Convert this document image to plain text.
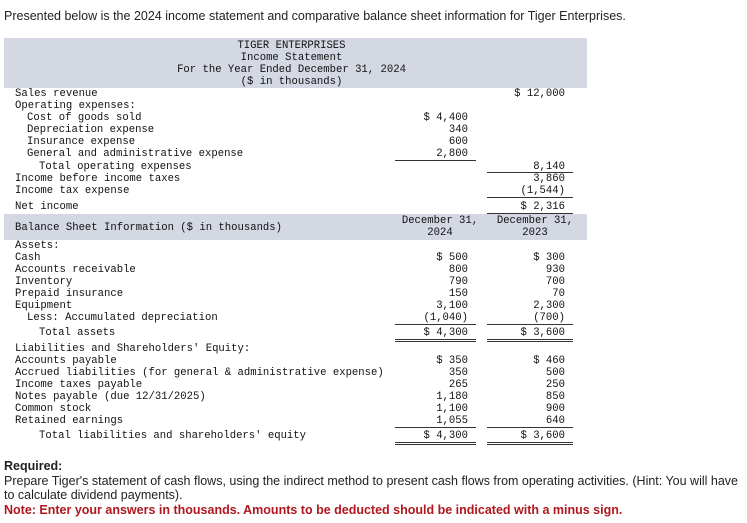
Presented below is the 2024 income statement and comparative balance sheet information for Tiger Enterprises.
TIGER ENTERPRISES
Income Statement
For the Year Ended December 31, 2024
($ in thousands)
Sales revenue	$ 12,000
Operating expenses:
Cost of goods sold	$ 4,400
Depreciation expense	340
Insurance expense	600
General and administrative expense	2,800
Total operating expenses	8,140
Income before income taxes	3,860
Income tax expense	(1,544)
Net income	$ 2,316
Balance Sheet Information ($ in thousands)
December 31,
2024
December 31,
2023
Assets:
Cash	$ 500	$ 300
Accounts receivable	800	930
Inventory	790	700
Prepaid insurance	150	70
Equipment	3,100	2,300
Less: Accumulated depreciation	(1,040)	(700)
Total assets	$ 4,300	$ 3,600
Liabilities and Shareholders' Equity:
Accounts payable	$ 350	$ 460
Accrued liabilities (for general & administrative expense)	350	500
Income taxes payable	265	250
Notes payable (due 12/31/2025)	1,180	850
Common stock	1,100	900
Retained earnings	1,055	640
Total liabilities and shareholders' equity	$ 4,300	$ 3,600
Required:
Prepare Tiger's statement of cash flows, using the indirect method to present cash flows from operating activities. (Hint: You will have to calculate dividend payments).
Note: Enter your answers in thousands. Amounts to be deducted should be indicated with a minus sign.
